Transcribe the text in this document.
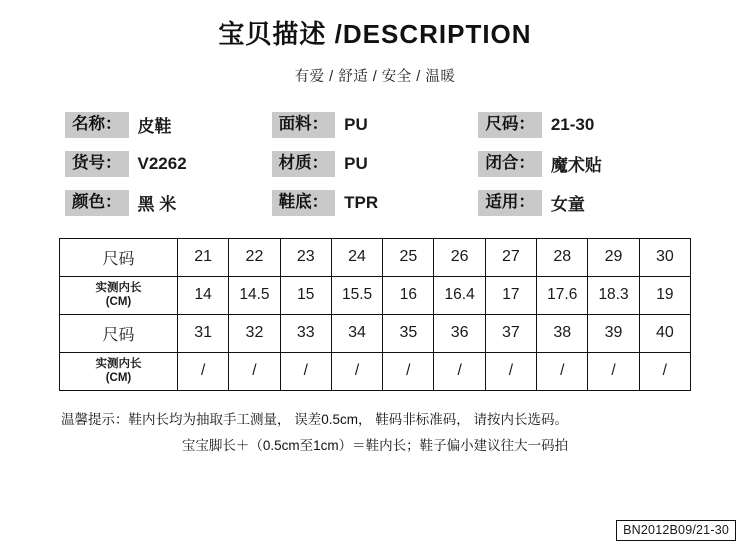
宝贝描述 /DESCRIPTION
有爱 / 舒适 / 安全 / 温暖
名称： 皮鞋	面料： PU	尺码： 21-30
货号： V2262	材质： PU	闭合： 魔术贴
颜色： 黑 米	鞋底： TPR	适用： 女童
尺码	21	22	23	24	25	26	27	28	29	30
实测内长
(CM)	14	14.5	15	15.5	16	16.4	17	17.6	18.3	19
尺码	31	32	33	34	35	36	37	38	39	40
实测内长
(CM)	/	/	/	/	/	/	/	/	/	/
温馨提示：鞋内长均为抽取手工测量， 误差0.5cm， 鞋码非标准码， 请按内长选码。
宝宝脚长＋（0.5cm至1cm）＝鞋内长；鞋子偏小建议往大一码拍
BN2012B09/21-30
